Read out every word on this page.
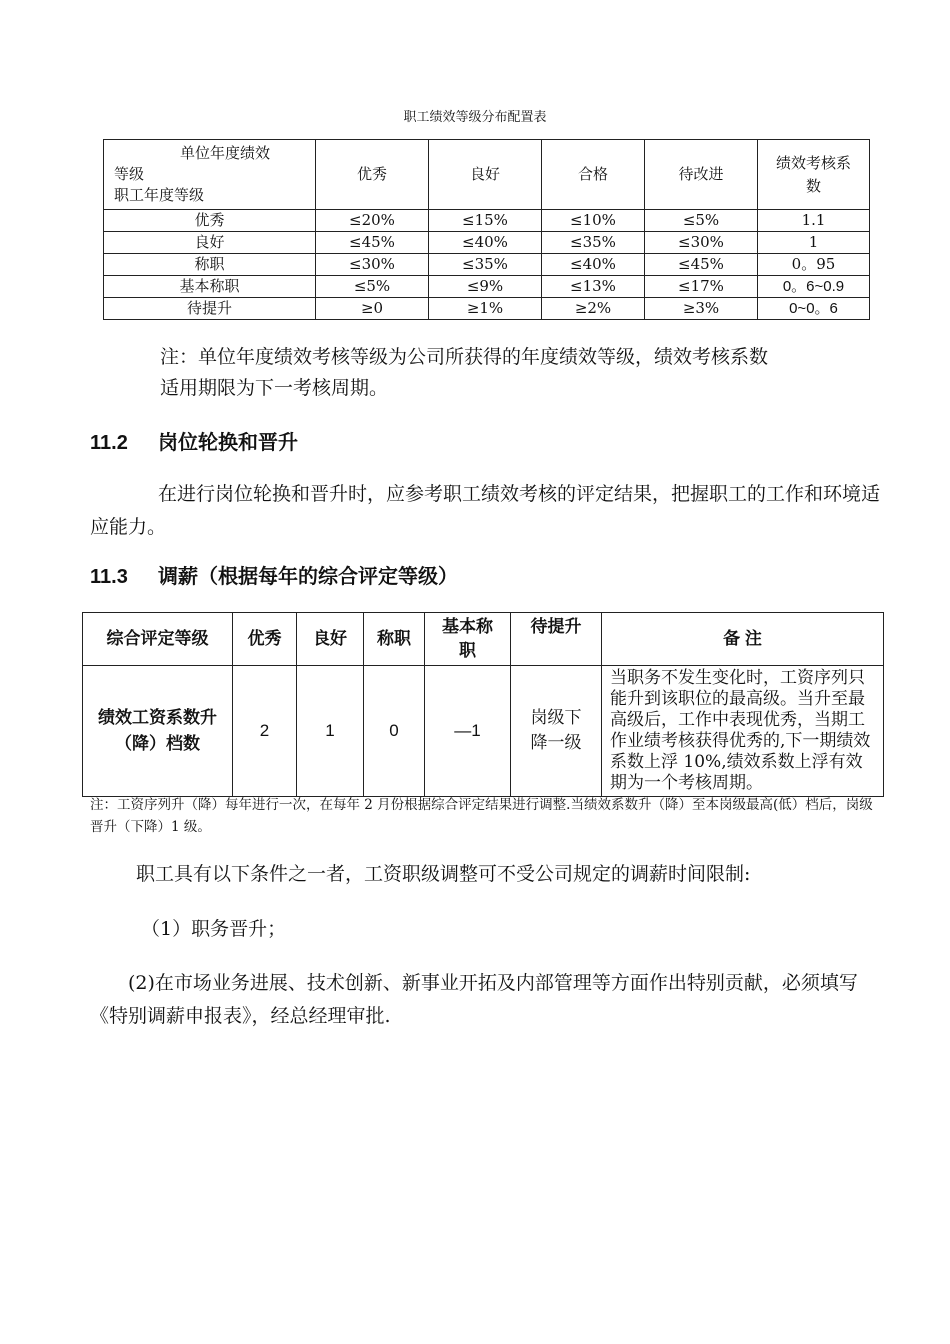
职工绩效等级分布配置表
单位年度绩效
等级
职工年度等级	优秀	良好	合格	待改进	绩效考核系数
优秀	≤20%	≤15%	≤10%	≤5%	1.1
良好	≤45%	≤40%	≤35%	≤30%	1
称职	≤30%	≤35%	≤40%	≤45%	0。95
基本称职	≤5%	≤9%	≤13%	≤17%	0。6~0.9
待提升	≥0	≥1%	≥2%	≥3%	0~0。6
注：单位年度绩效考核等级为公司所获得的年度绩效等级，绩效考核系数
适用期限为下一考核周期。
11.2 岗位轮换和晋升
在进行岗位轮换和晋升时，应参考职工绩效考核的评定结果，把握职工的工作和环境适应能力。
11.3 调薪（根据每年的综合评定等级）
综合评定等级	优秀	良好	称职	基本称职	待提升	备 注
绩效工资系数升（降）档数	2	1	0	—1	岗级下降一级	当职务不发生变化时，工资序列只能升到该职位的最高级。当升至最高级后，工作中表现优秀，当期工作业绩考核获得优秀的,下一期绩效系数上浮 10%,绩效系数上浮有效期为一个考核周期。
注：工资序列升（降）每年进行一次，在每年 2 月份根据综合评定结果进行调整.当绩效系数升（降）至本岗级最高(低）档后，岗级晋升（下降）1 级。
职工具有以下条件之一者，工资职级调整可不受公司规定的调薪时间限制:
（1）职务晋升；
(2)在市场业务进展、技术创新、新事业开拓及内部管理等方面作出特别贡献，必须填写《特别调薪申报表》，经总经理审批.
